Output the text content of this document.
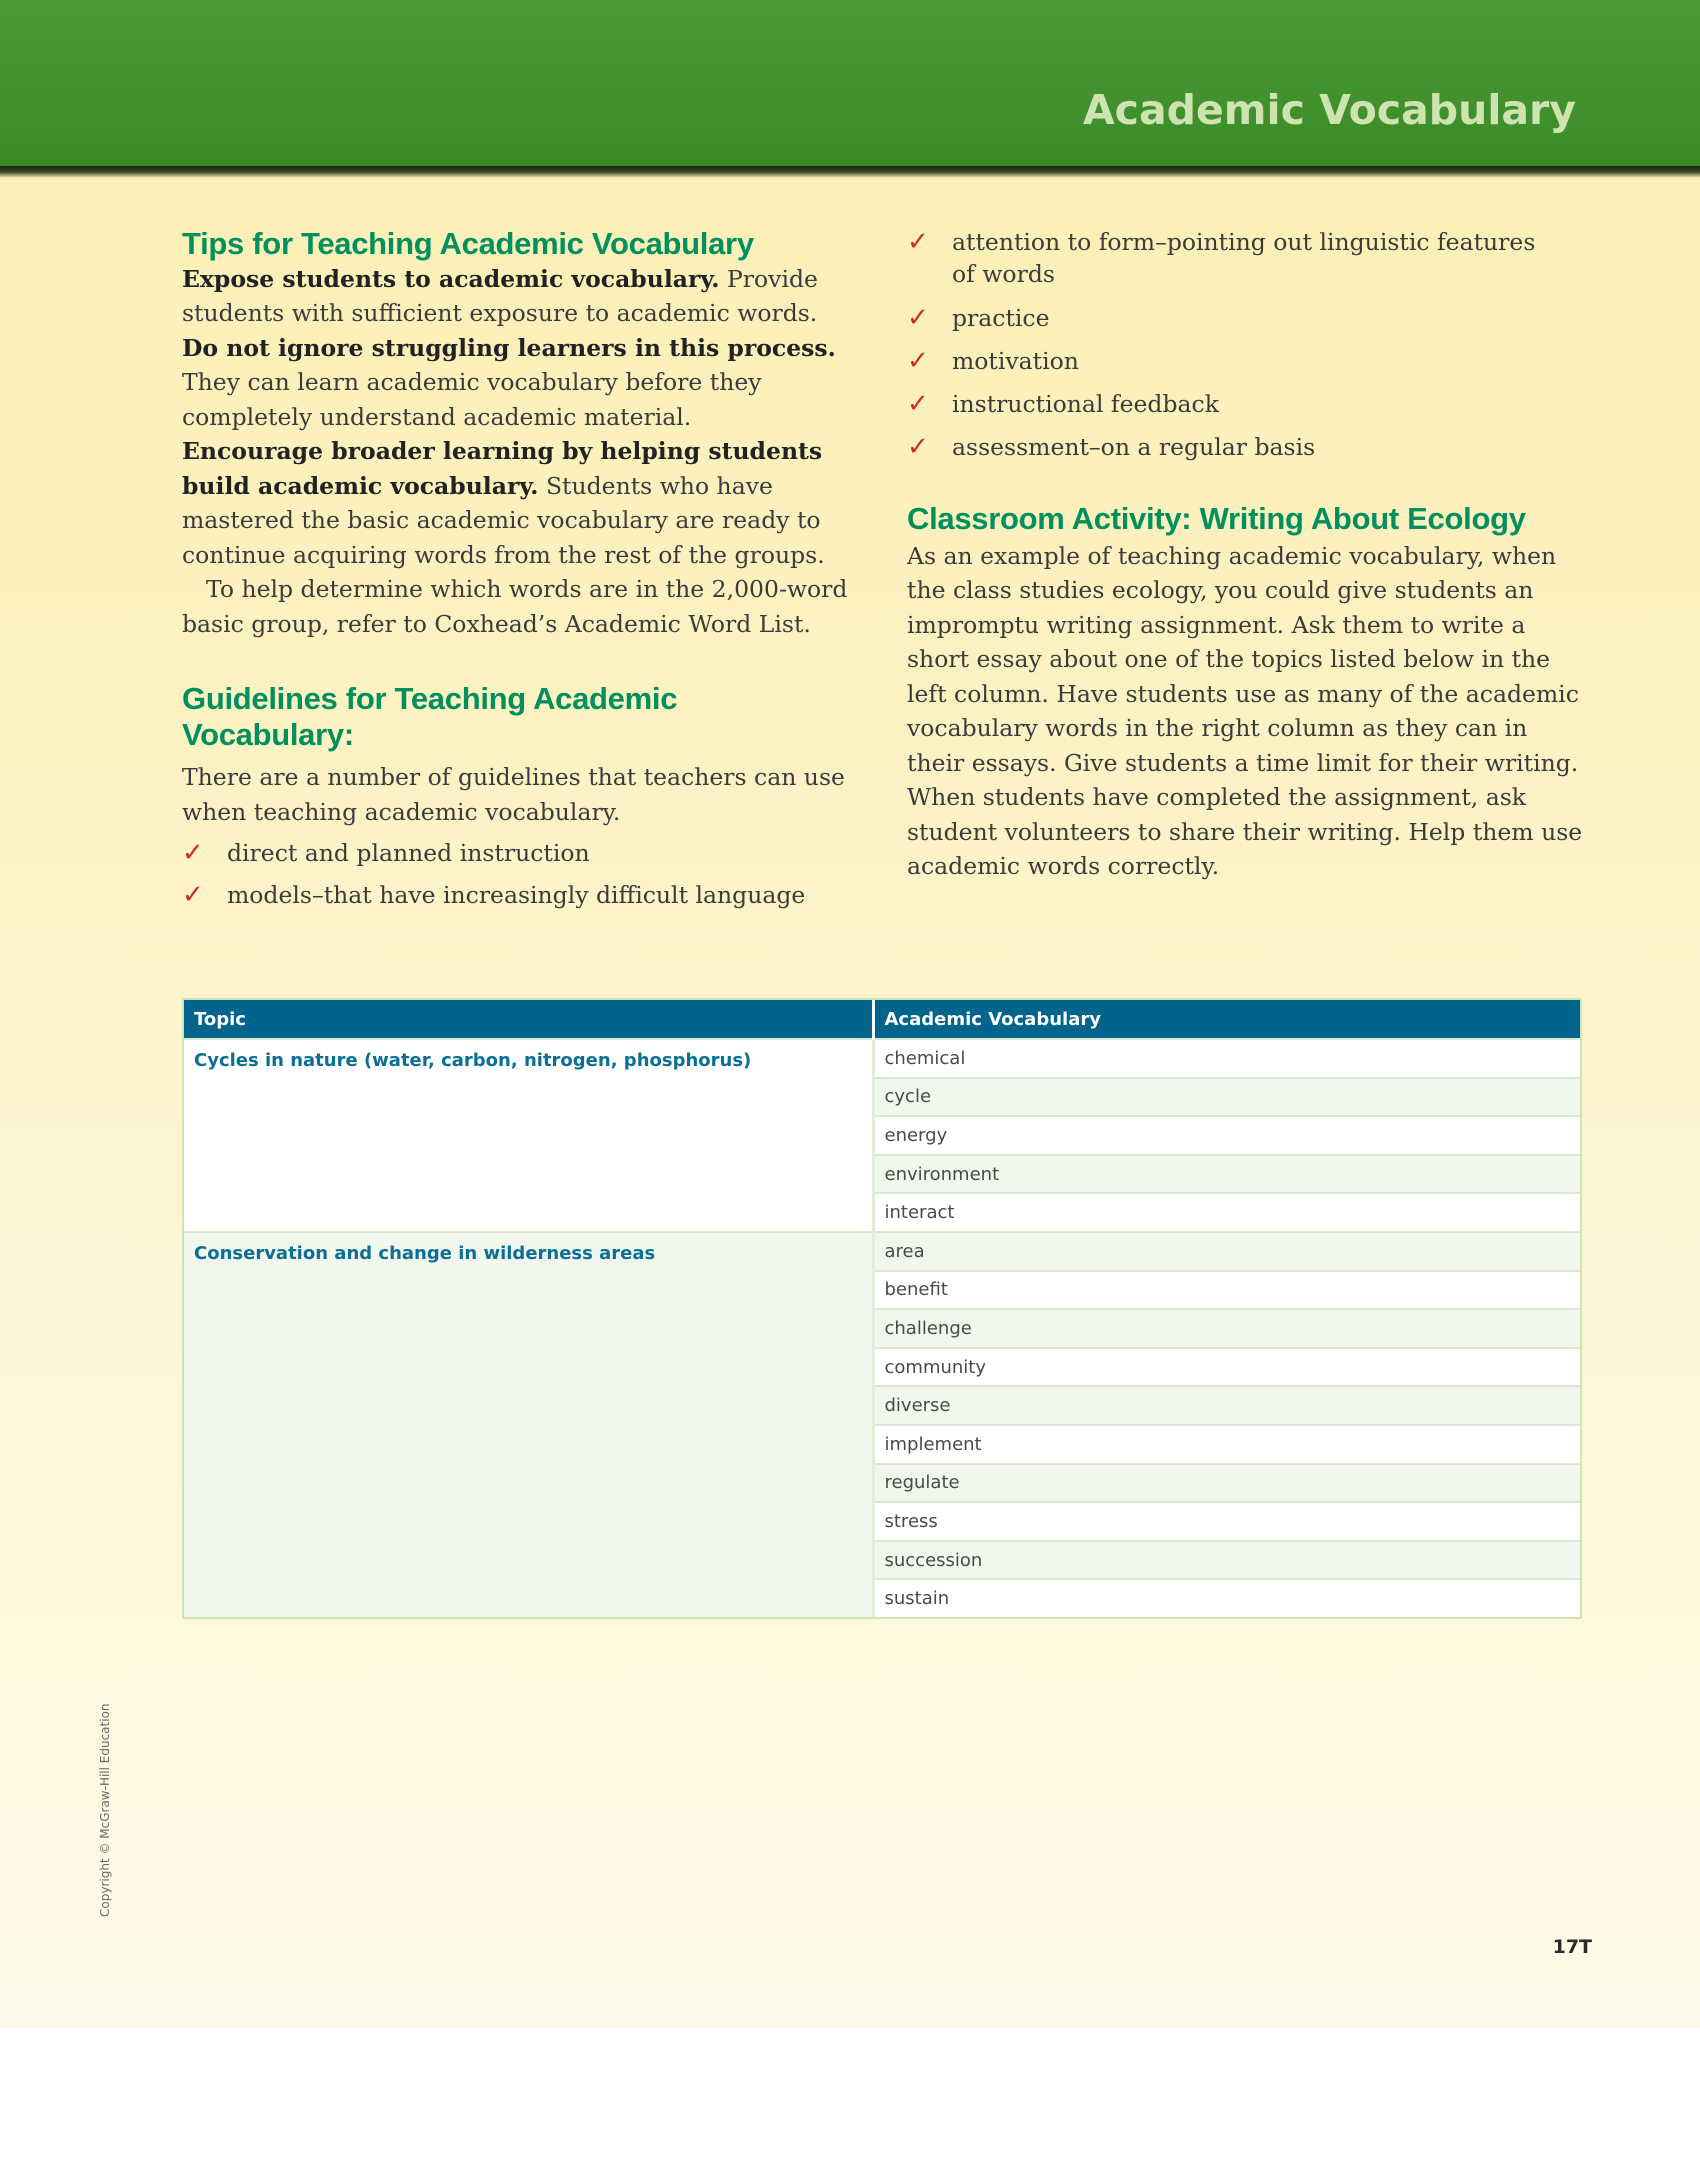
Academic Vocabulary
Tips for Teaching Academic Vocabulary

Expose students to academic vocabulary. Provide students with sufficient exposure to academic words.

Do not ignore struggling learners in this process. They can learn academic vocabulary before they completely understand academic material.

Encourage broader learning by helping students build academic vocabulary. Students who have mastered the basic academic vocabulary are ready to continue acquiring words from the rest of the groups.

To help determine which words are in the 2,000-word basic group, refer to Coxhead’s Academic Word List.

Guidelines for Teaching Academic Vocabulary:

There are a number of guidelines that teachers can use when teaching academic vocabulary.

✓ direct and planned instruction
✓ models–that have increasingly difficult language
✓ attention to form–pointing out linguistic features of words
✓ practice
✓ motivation
✓ instructional feedback
✓ assessment–on a regular basis
Classroom Activity: Writing About Ecology

As an example of teaching academic vocabulary, when the class studies ecology, you could give students an impromptu writing assignment. Ask them to write a short essay about one of the topics listed below in the left column. Have students use as many of the academic vocabulary words in the right column as they can in their essays. Give students a time limit for their writing. When students have completed the assignment, ask student volunteers to share their writing. Help them use academic words correctly.

Topic	Academic Vocabulary
Cycles in nature (water, carbon, nitrogen, phosphorus)	chemical
	cycle
	energy
	environment
	interact
Conservation and change in wilderness areas	area
	benefit
	challenge
	community
	diverse
	implement
	regulate
	stress
	succession
	sustain
Copyright © McGraw-Hill Education
17T
